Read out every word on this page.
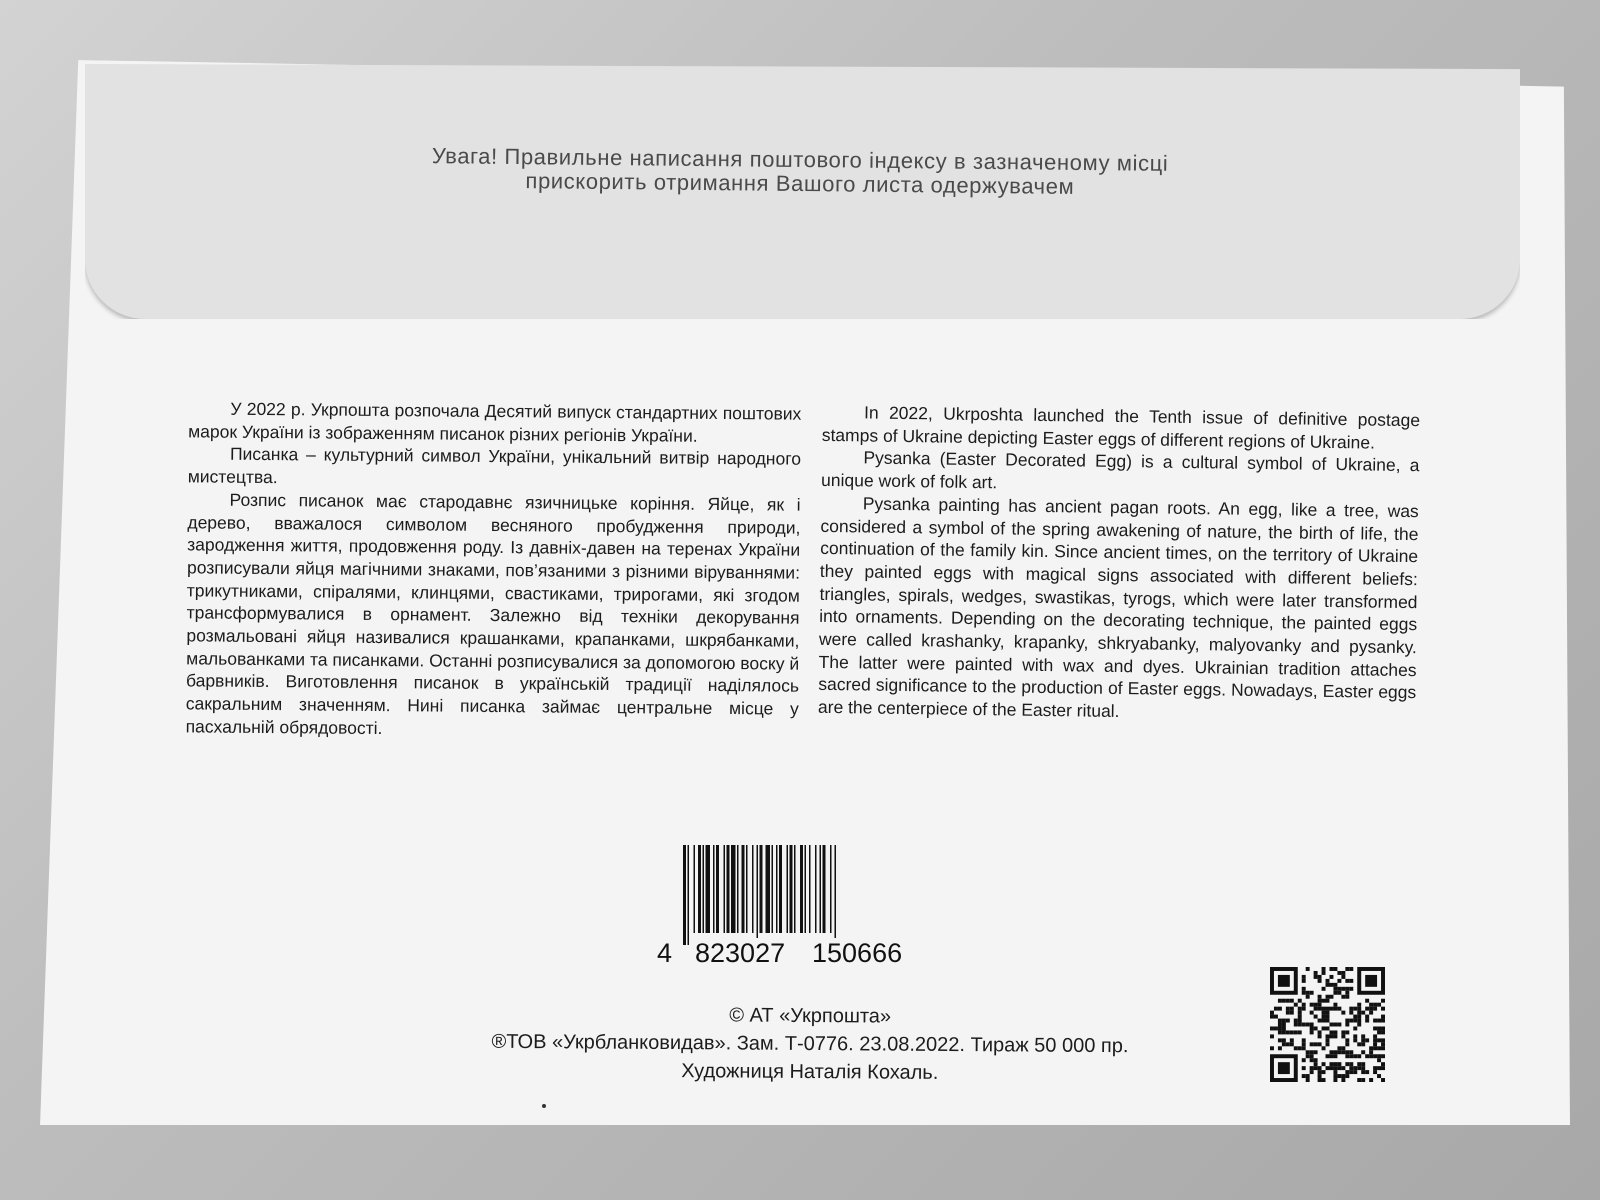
Увага! Правильне написання поштового індексу в зазначеному місці
прискорить отримання Вашого листа одержувачем

У 2022 р. Укрпошта розпочала Десятий випуск стандартних поштових марок України із зображенням писанок різних регіонів України.

Писанка – культурний символ України, унікальний витвір народного мистецтва.

Розпис писанок має стародавнє язичницьке коріння. Яйце, як і дерево, вважалося символом весняного пробудження природи, зародження життя, продовження роду. Із давніх-давен на теренах України розписували яйця магічними знаками, пов’язаними з різними віруваннями: трикутниками, спіралями, клинцями, свастиками, трирогами, які згодом трансформувалися в орнамент. Залежно від техніки декорування розмальовані яйця називалися крашанками, крапанками, шкрябанками, мальованками та писанками. Останні розписувалися за допомогою воску й барвників. Виготовлення писанок в українській традиції наділялось сакральним значенням. Нині писанка займає центральне місце у пасхальній обрядовості.

In 2022, Ukrposhta launched the Tenth issue of definitive postage stamps of Ukraine depicting Easter eggs of different regions of Ukraine.

Pysanka (Easter Decorated Egg) is a cultural symbol of Ukraine, a unique work of folk art.

Pysanka painting has ancient pagan roots. An egg, like a tree, was considered a symbol of the spring awakening of nature, the birth of life, the continuation of the family kin. Since ancient times, on the territory of Ukraine they painted eggs with magical signs associated with different beliefs: triangles, spirals, wedges, swastikas, tyrogs, which were later transformed into ornaments. Depending on the decorating technique, the painted eggs were called krashanky, krapanky, shkryabanky, malyovanky and pysanky. The latter were painted with wax and dyes. Ukrainian tradition attaches sacred significance to the production of Easter eggs. Nowadays, Easter eggs are the centerpiece of the Easter ritual.

4 823027 150666
© АТ «Укрпошта»
®ТОВ «Укрбланковидав». Зам. Т-0776. 23.08.2022. Тираж 50 000 пр.
Художниця Наталія Кохаль.
